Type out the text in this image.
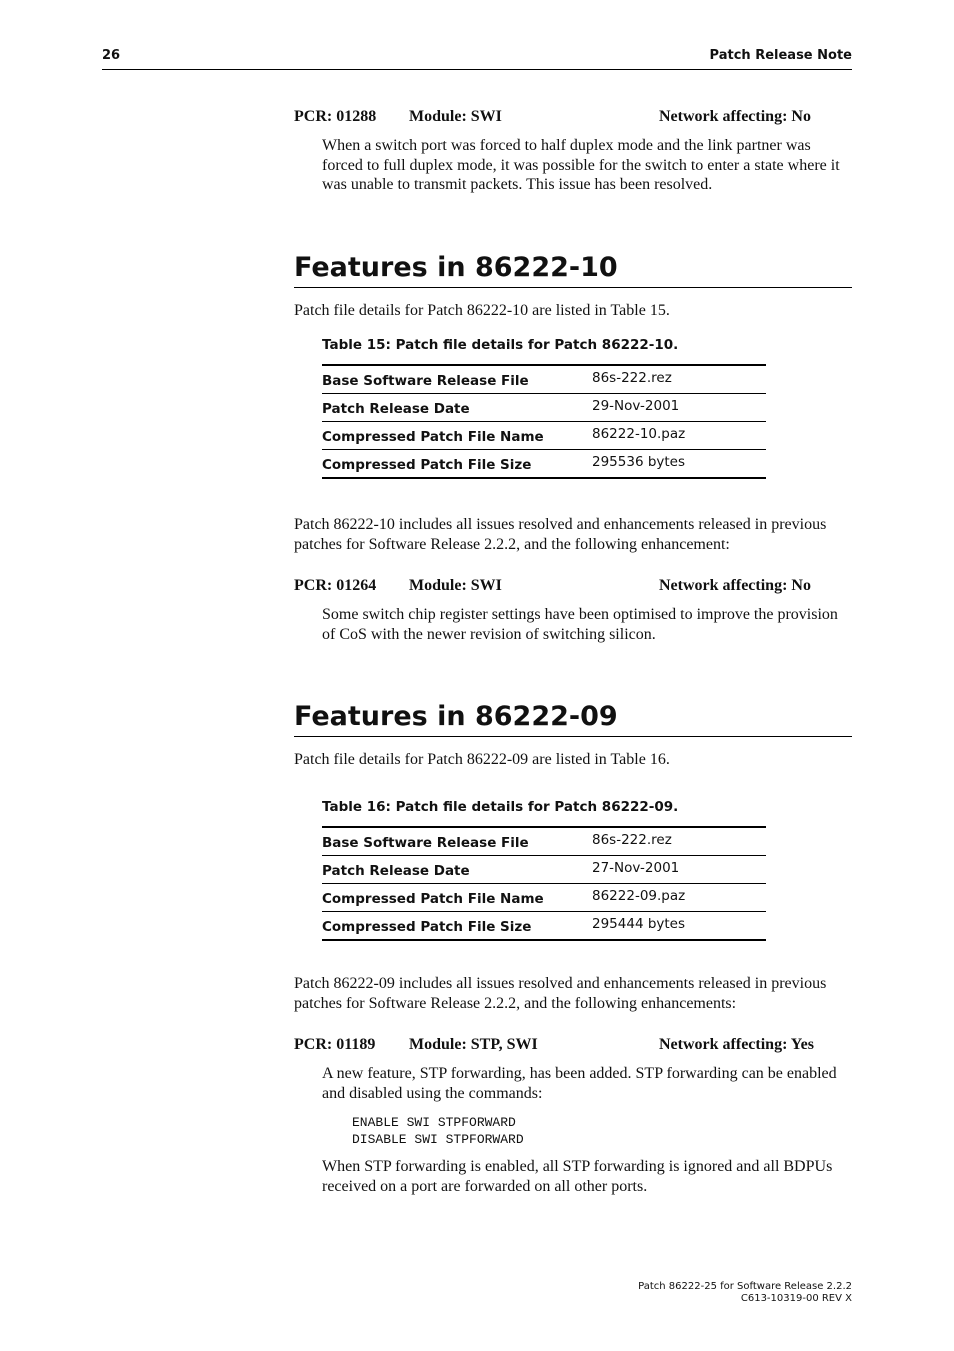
26	Patch Release Note
PCR: 01288 Module: SWI	Network affecting: No
When a switch port was forced to half duplex mode and the link partner was forced to full duplex mode, it was possible for the switch to enter a state where it was unable to transmit packets. This issue has been resolved.
Features in 86222-10
Patch file details for Patch 86222-10 are listed in Table 15.
Table 15: Patch file details for Patch 86222-10.
Base Software Release File	86s-222.rez
Patch Release Date	29-Nov-2001
Compressed Patch File Name	86222-10.paz
Compressed Patch File Size	295536 bytes
Patch 86222-10 includes all issues resolved and enhancements released in previous patches for Software Release 2.2.2, and the following enhancement:
PCR: 01264 Module: SWI	Network affecting: No
Some switch chip register settings have been optimised to improve the provision of CoS with the newer revision of switching silicon.
Features in 86222-09
Patch file details for Patch 86222-09 are listed in Table 16.
Table 16: Patch file details for Patch 86222-09.
Base Software Release File	86s-222.rez
Patch Release Date	27-Nov-2001
Compressed Patch File Name	86222-09.paz
Compressed Patch File Size	295444 bytes
Patch 86222-09 includes all issues resolved and enhancements released in previous patches for Software Release 2.2.2, and the following enhancements:
PCR: 01189 Module: STP, SWI	Network affecting: Yes
A new feature, STP forwarding, has been added. STP forwarding can be enabled and disabled using the commands:
ENABLE SWI STPFORWARD
DISABLE SWI STPFORWARD
When STP forwarding is enabled, all STP forwarding is ignored and all BDPUs received on a port are forwarded on all other ports.
Patch 86222-25 for Software Release 2.2.2
C613-10319-00 REV X
